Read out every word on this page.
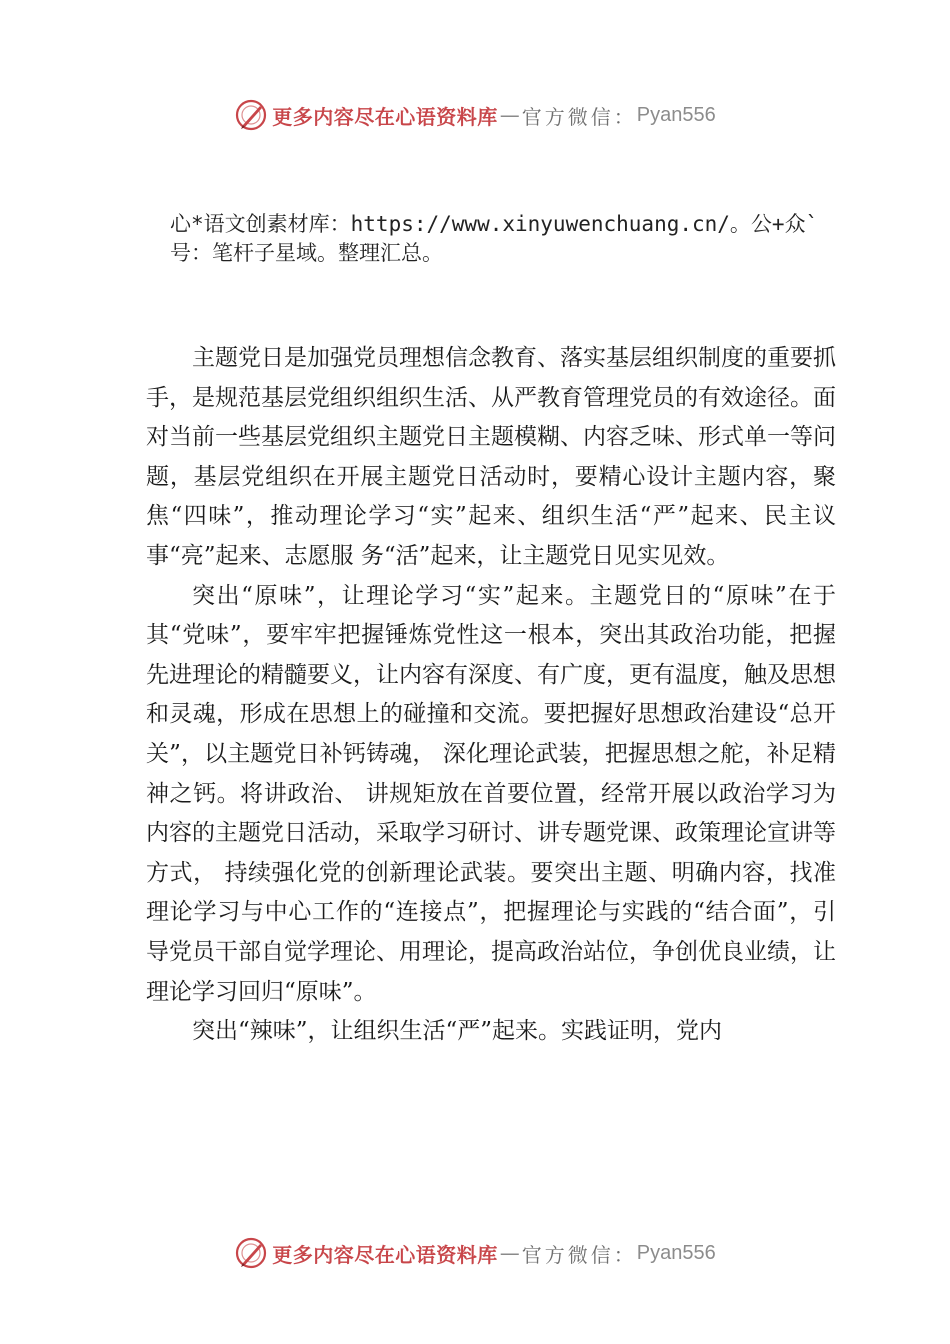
更多内容尽在心语资料库 — 官方微信： Pyan556

心*语文创素材库：https://www.xinyuwenchuang.cn/。公+众`号：笔杆子星域。整理汇总。

主题党日是加强党员理想信念教育、落实基层组织制度的重要抓手，是规范基层党组织组织生活、从严教育管理党员的有效途径。面对当前一些基层党组织主题党日主题模糊、内容乏味、形式单一等问题，基层党组织在开展主题党日活动时，要精心设计主题内容，聚焦“四味”，推动理论学习“实”起来、组织生活“严”起来、民主议事“亮”起来、志愿服 务“活”起来，让主题党日见实见效。

突出“原味”，让理论学习“实”起来。主题党日的“原味”在于其“党味”，要牢牢把握锤炼党性这一根本，突出其政治功能，把握先进理论的精髓要义，让内容有深度、有广度，更有温度，触及思想和灵魂，形成在思想上的碰撞和交流。要把握好思想政治建设“总开关”，以主题党日补钙铸魂， 深化理论武装，把握思想之舵，补足精神之钙。将讲政治、 讲规矩放在首要位置，经常开展以政治学习为内容的主题党日活动，采取学习研讨、讲专题党课、政策理论宣讲等方式， 持续强化党的创新理论武装。要突出主题、明确内容，找准理论学习与中心工作的“连接点”，把握理论与实践的“结合面”，引导党员干部自觉学理论、用理论，提高政治站位，争创优良业绩，让理论学习回归“原味”。

突出“辣味”，让组织生活“严”起来。实践证明，党内

更多内容尽在心语资料库 — 官方微信： Pyan556
